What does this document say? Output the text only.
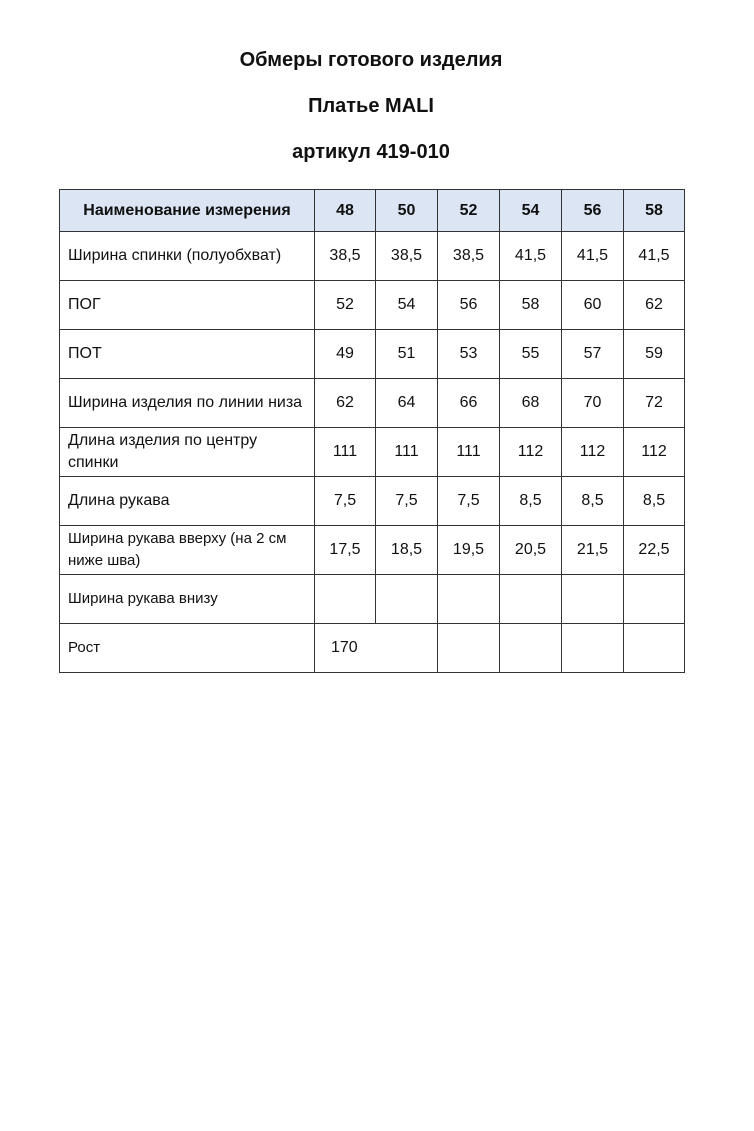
Обмеры готового изделия
Платье MALI
артикул 419-010
Наименование измерения	48	50	52	54	56	58
Ширина спинки (полуобхват)	38,5	38,5	38,5	41,5	41,5	41,5
ПОГ	52	54	56	58	60	62
ПОТ	49	51	53	55	57	59
Ширина изделия по линии низа	62	64	66	68	70	72
Длина изделия по центру спинки	111	111	111	112	112	112
Длина рукава	7,5	7,5	7,5	8,5	8,5	8,5
Ширина рукава вверху (на 2 см ниже шва)	17,5	18,5	19,5	20,5	21,5	22,5
Ширина рукава внизу						
Рост	170					
